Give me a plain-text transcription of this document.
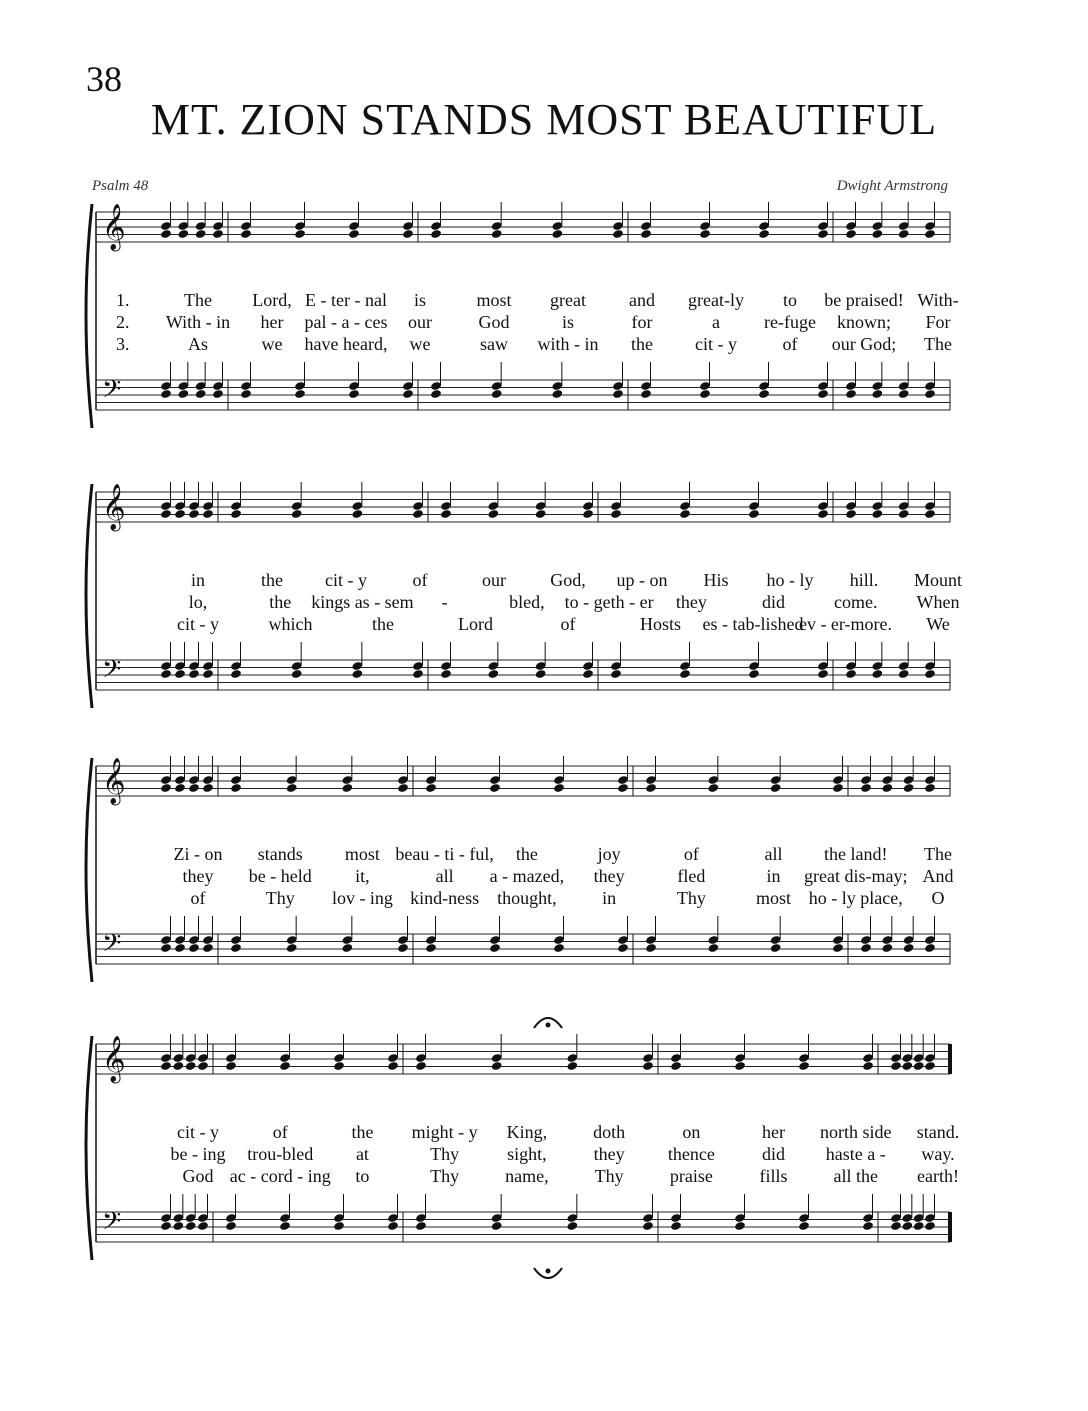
38
MT. ZION STANDS MOST BEAUTIFUL
Psalm 48	Dwight Armstrong
𝄞
𝄢
1.	The Lord, E - ter - nal is	most great and great-ly to be praised! With-
2. With - in her pal - a - ces our	God	is	for	a re-fuge known; For
3.	As	we have heard, we	saw with - in the cit - y	of our God; The
𝄞
𝄢
in	the cit - y	of	our God, up - on His ho - ly hill. Mount
lo,	the kings as - sem -	bled, to - geth - er they	did	come. When
cit - y	which	the	Lord	of	Hosts es - tab-lished
ev - er-more. We
𝄞
𝄢
Zi - on stands most beau - ti - ful, the	joy	of	all the land! The
they be - held it,	all a - mazed, they	fled	in great dis-may; And
of	Thy lov - ing kind-ness thought,	in	Thy	most ho - ly place, O
𝄞
𝄢
cit - y	of	the might - y King,	doth	on	her north side stand.
be - ing trou-bled at	Thy	sight,	they thence	did haste a - way.
God ac - cord - ing to	Thy	name,	Thy	praise	fills	all the earth!
